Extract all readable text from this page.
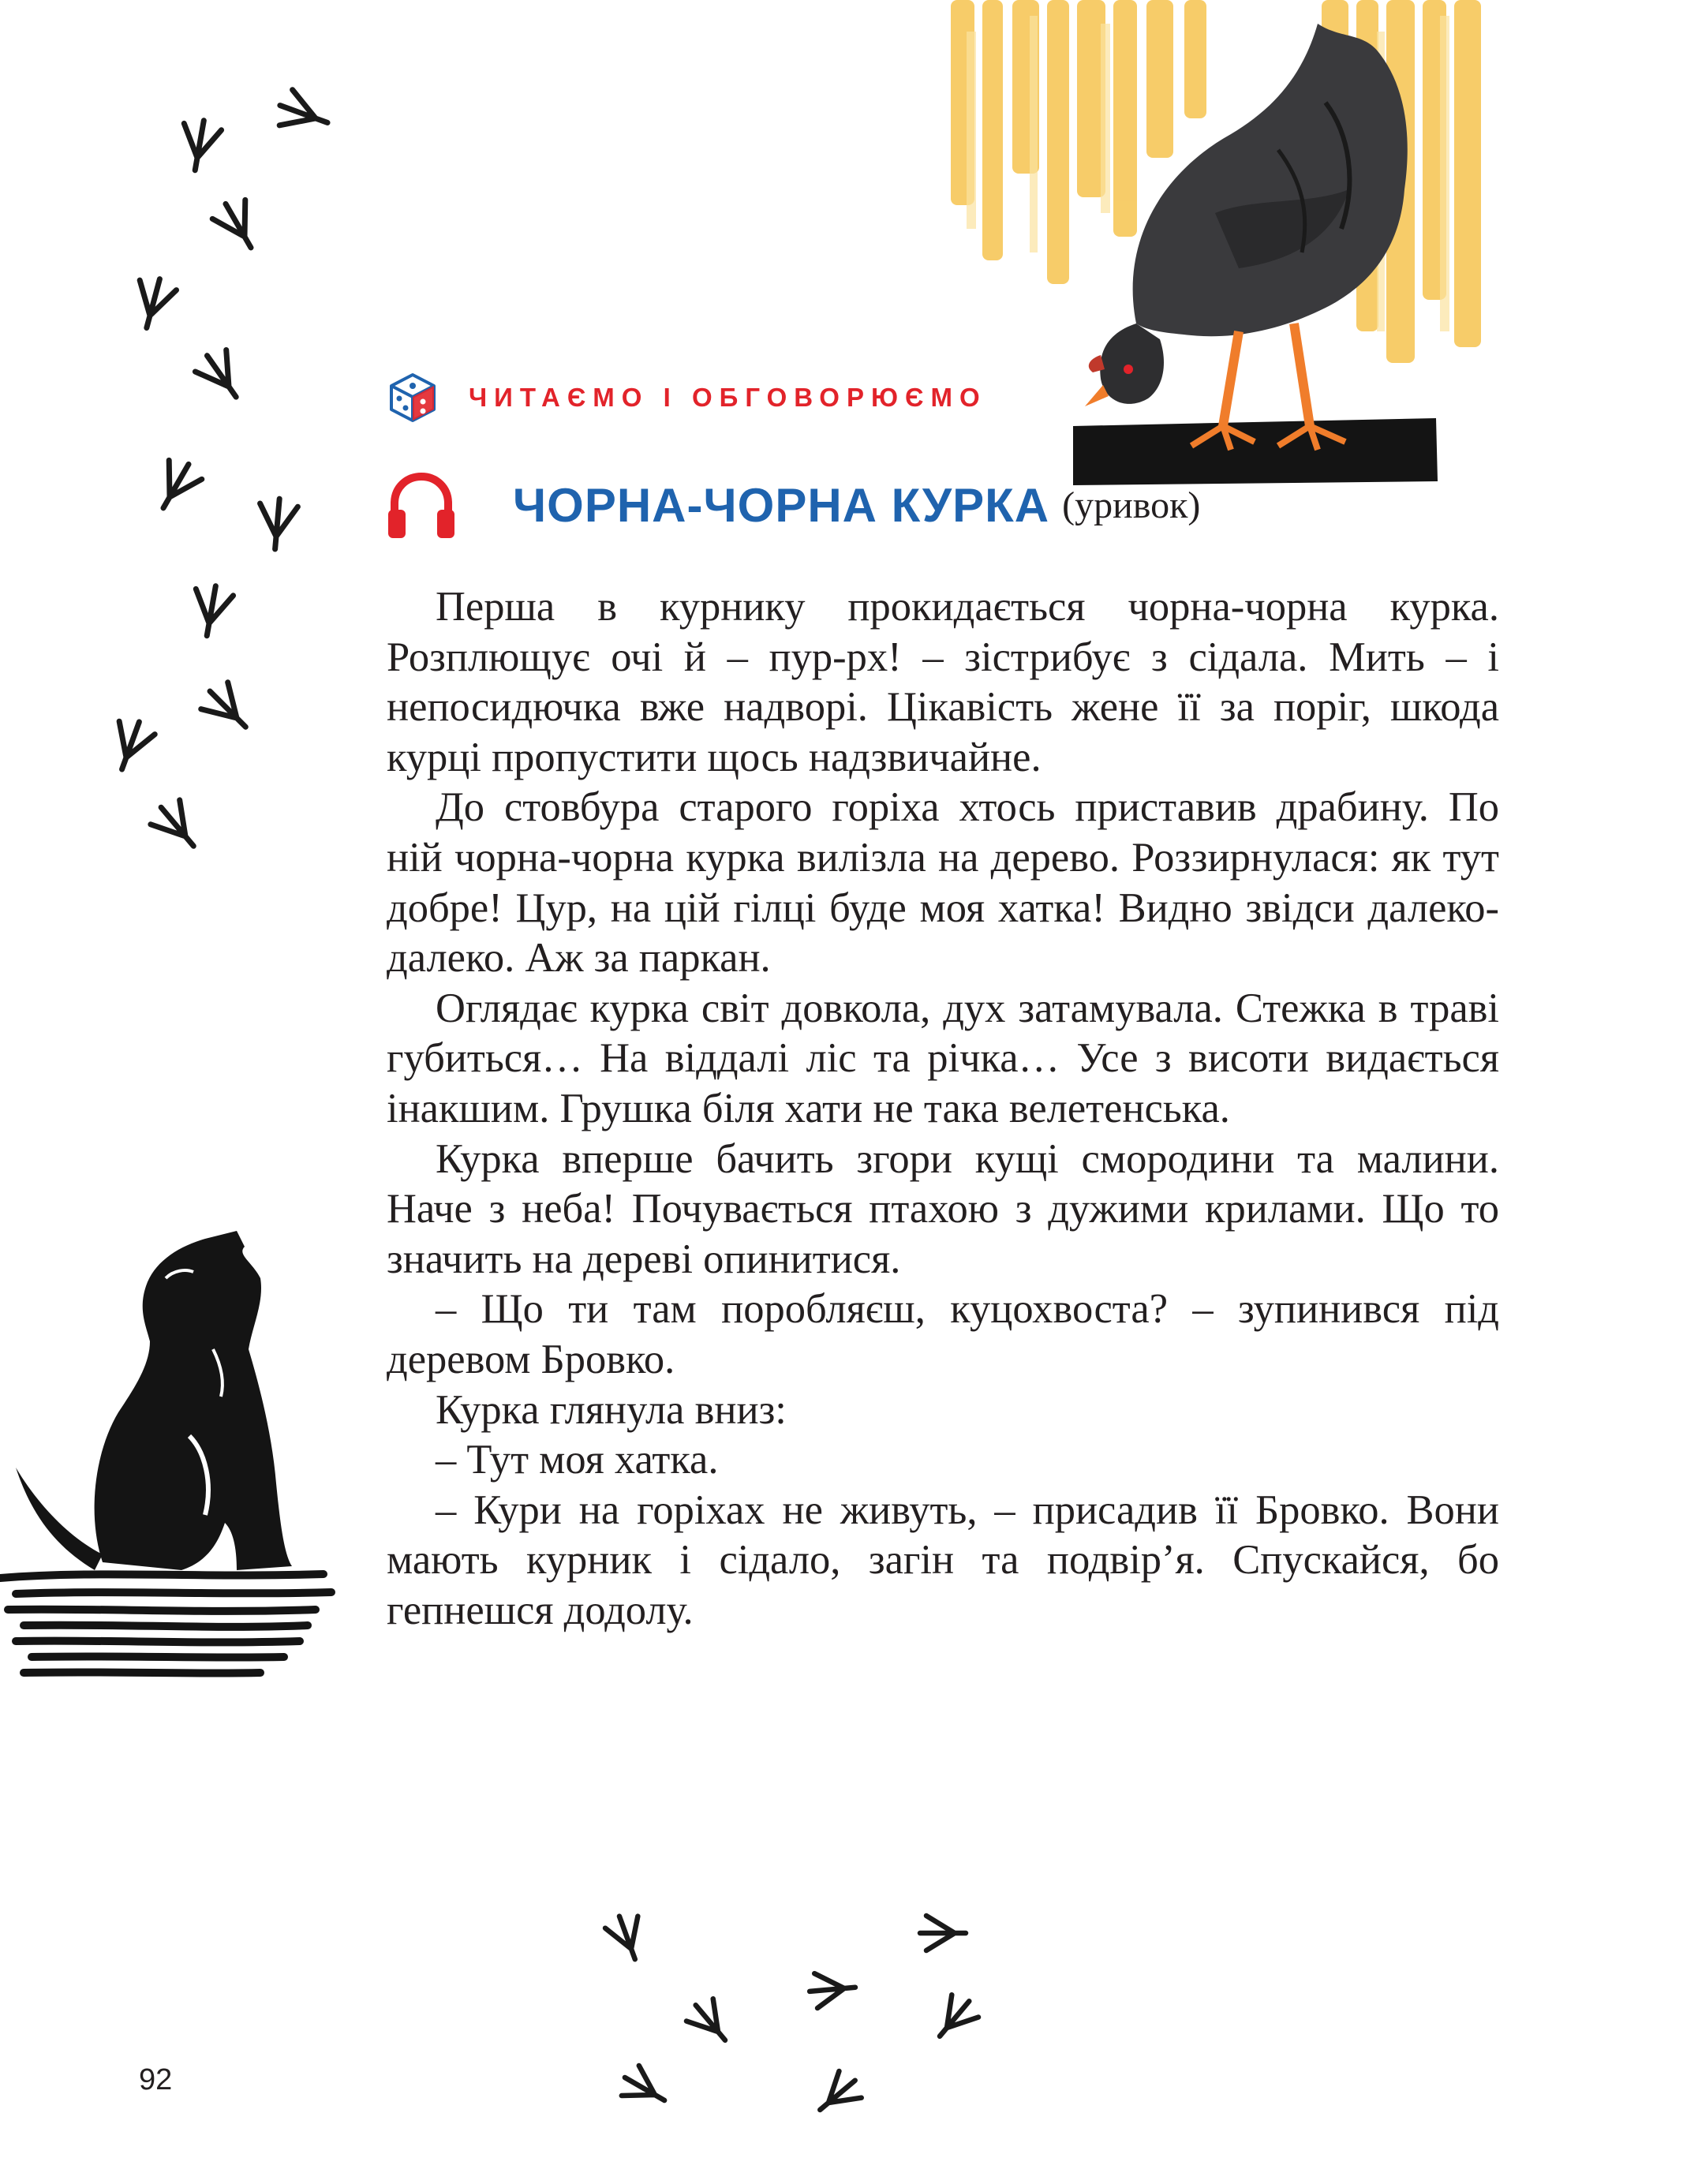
ЧИТАЄМО І ОБГОВОРЮЄМО
ЧОРНА-ЧОРНА КУРКА (уривок)

Перша в курнику прокидається чорна-чорна курка. Розплющує очі й – пур-рх! – зістрибує з сідала. Мить – і непосидючка вже надворі. Цікавість жене її за поріг, шкода курці пропустити щось надзвичайне.

До стовбура старого горіха хтось приставив драбину. По ній чорна-чорна курка вилізла на дерево. Роззирнулася: як тут добре! Цур, на цій гілці буде моя хатка! Видно звідси далеко-далеко. Аж за паркан.

Оглядає курка світ довкола, дух затамувала. Стежка в траві губиться… На віддалі ліс та річка… Усе з висоти видається інакшим. Грушка біля хати не така велетенська.

Курка вперше бачить згори кущі смородини та малини. Наче з неба! Почувається птахою з дужими крилами. Що то значить на дереві опинитися.

– Що ти там поробляєш, куцохвоста? – зупинився під деревом Бровко.

Курка глянула вниз:

– Тут моя хатка.

– Кури на горіхах не живуть, – присадив її Бровко. Вони мають курник і сідало, загін та подвір’я. Спускайся, бо гепнешся додолу.

92
